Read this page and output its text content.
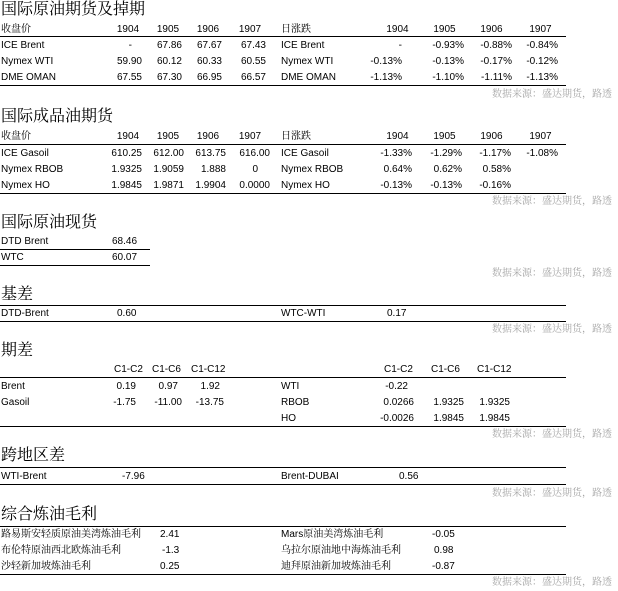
国际原油期货及掉期
收盘价	1904	1905	1906	1907	日涨跌	1904	1905	1906	1907
ICE Brent	-	67.86	67.67	67.43 ICE Brent	-	-0.93%	-0.88%	-0.84%
Nymex WTI	59.90	60.12	60.33	60.55 Nymex WTI	-0.13%	-0.13%	-0.17%	-0.12%
DME OMAN	67.55	67.30	66.95	66.57 DME OMAN	-1.13%	-1.10%	-1.11%	-1.13%
数据来源：盛达期货，路透
国际成品油期货
收盘价	1904	1905	1906	1907	日涨跌	1904	1905	1906	1907
ICE Gasoil	610.25	612.00	613.75	616.00 ICE Gasoil	-1.33%	-1.29%	-1.17%	-1.08%
Nymex RBOB	1.9325	1.9059	1.888	0 Nymex RBOB	0.64%	0.62%	0.58%
Nymex HO	1.9845	1.9871	1.9904	0.0000 Nymex HO	-0.13%	-0.13%	-0.16%
数据来源：盛达期货，路透
国际原油现货
DTD Brent	68.46
WTC	60.07
数据来源：盛达期货，路透
基差
DTD-Brent	0.60	WTC-WTI	0.17
数据来源：盛达期货，路透
期差
C1-C2 C1-C6 C1-C12	C1-C2 C1-C6 C1-C12
Brent	0.19	0.97	1.92	WTI	-0.22
Gasoil	-1.75	-11.00	-13.75	RBOB	0.0266	1.9325	1.9325
HO	-0.0026	1.9845	1.9845
数据来源：盛达期货，路透
跨地区差
WTI-Brent	-7.96	Brent-DUBAI	0.56
数据来源：盛达期货，路透
综合炼油毛利
路易斯安轻质原油美湾炼油毛利 2.41	Mars原油美湾炼油毛利	-0.05
布伦特原油西北欧炼油毛利	-1.3	乌拉尔原油地中海炼油毛利	0.98
沙轻新加坡炼油毛利	0.25	迪拜原油新加坡炼油毛利	-0.87
数据来源：盛达期货，路透
